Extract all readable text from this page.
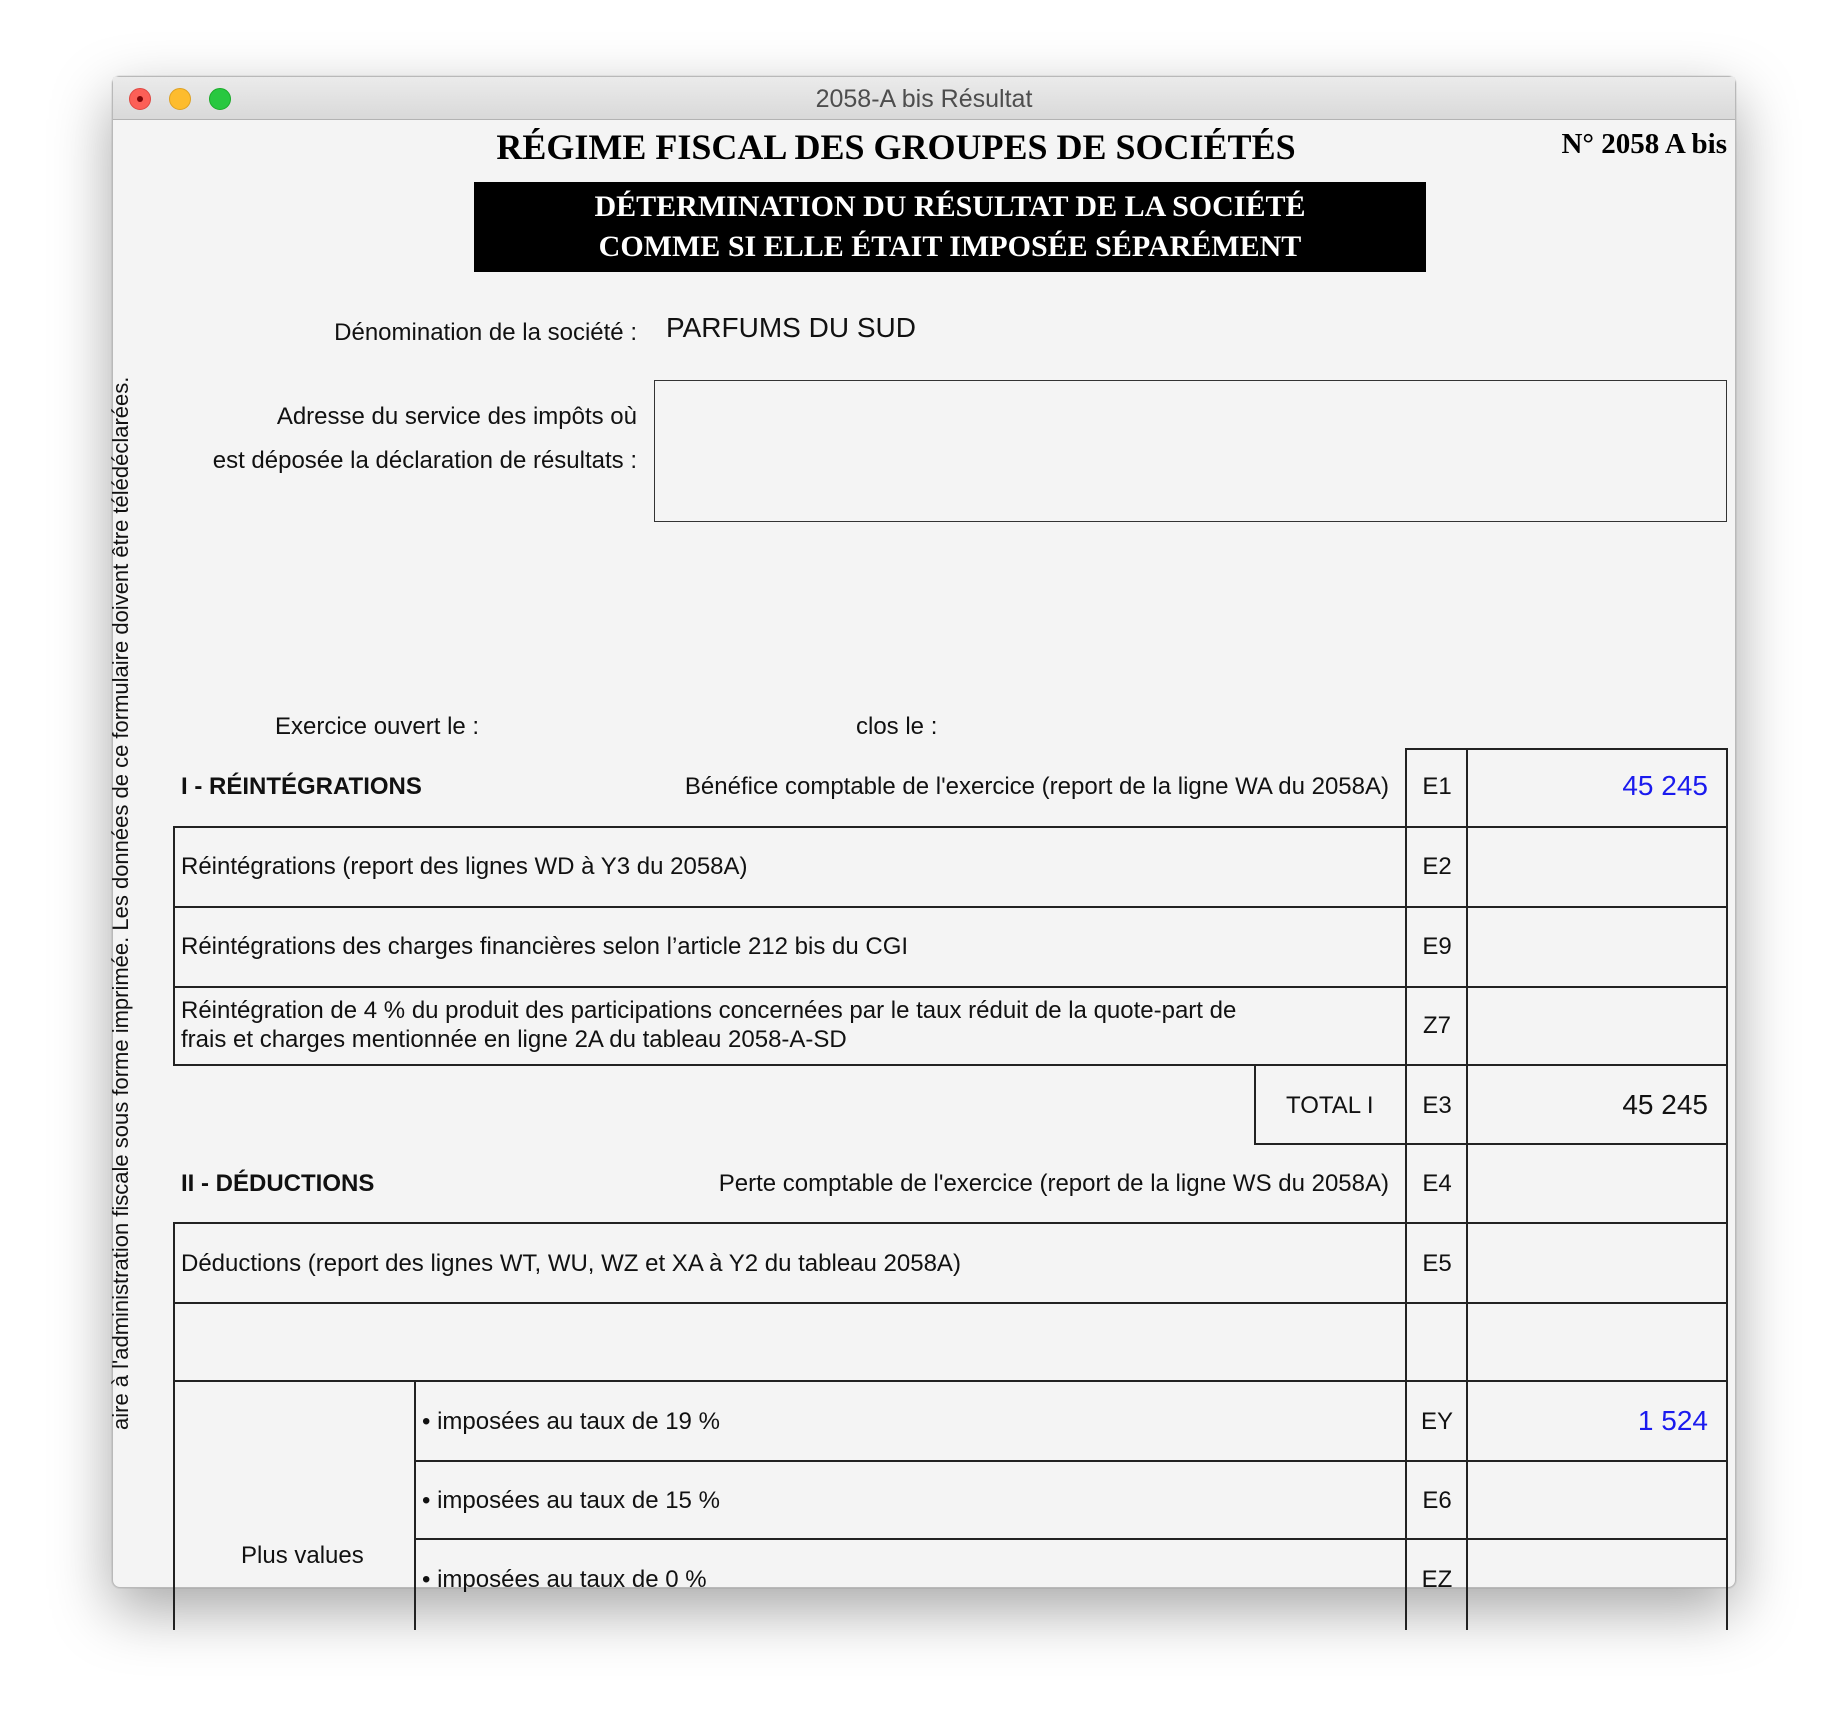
2058-A bis Résultat
RÉGIME FISCAL DES GROUPES DE SOCIÉTÉS	N° 2058 A bis
DÉTERMINATION DU RÉSULTAT DE LA SOCIÉTÉ
COMME SI ELLE ÉTAIT IMPOSÉE SÉPARÉMENT
Dénomination de la société : PARFUMS DU SUD
Adresse du service des impôts où
est déposée la déclaration de résultats :
Exercice ouvert le :	clos le :
aire à l'administration fiscale sous forme imprimée. Les données de ce formulaire doivent être télédéclarées. I - RÉINTÉGRATIONS	Bénéfice comptable de l'exercice (report de la ligne WA du 2058A)	E1	45 245
Réintégrations (report des lignes WD à Y3 du 2058A)	E2
Réintégrations des charges financières selon l’article 212 bis du CGI	E9
Réintégration de 4 % du produit des participations concernées par le taux réduit de la quote-part de
frais et charges mentionnée en ligne 2A du tableau 2058-A-SD
Z7
TOTAL I	E3	45 245
II - DÉDUCTIONS	Perte comptable de l'exercice (report de la ligne WS du 2058A)	E4
Déductions (report des lignes WT, WU, WZ et XA à Y2 du tableau 2058A)	E5
Plus values
• imposées au taux de 19 %	EY	1 524
• imposées au taux de 15 %	E6
• imposées au taux de 0 %	EZ
